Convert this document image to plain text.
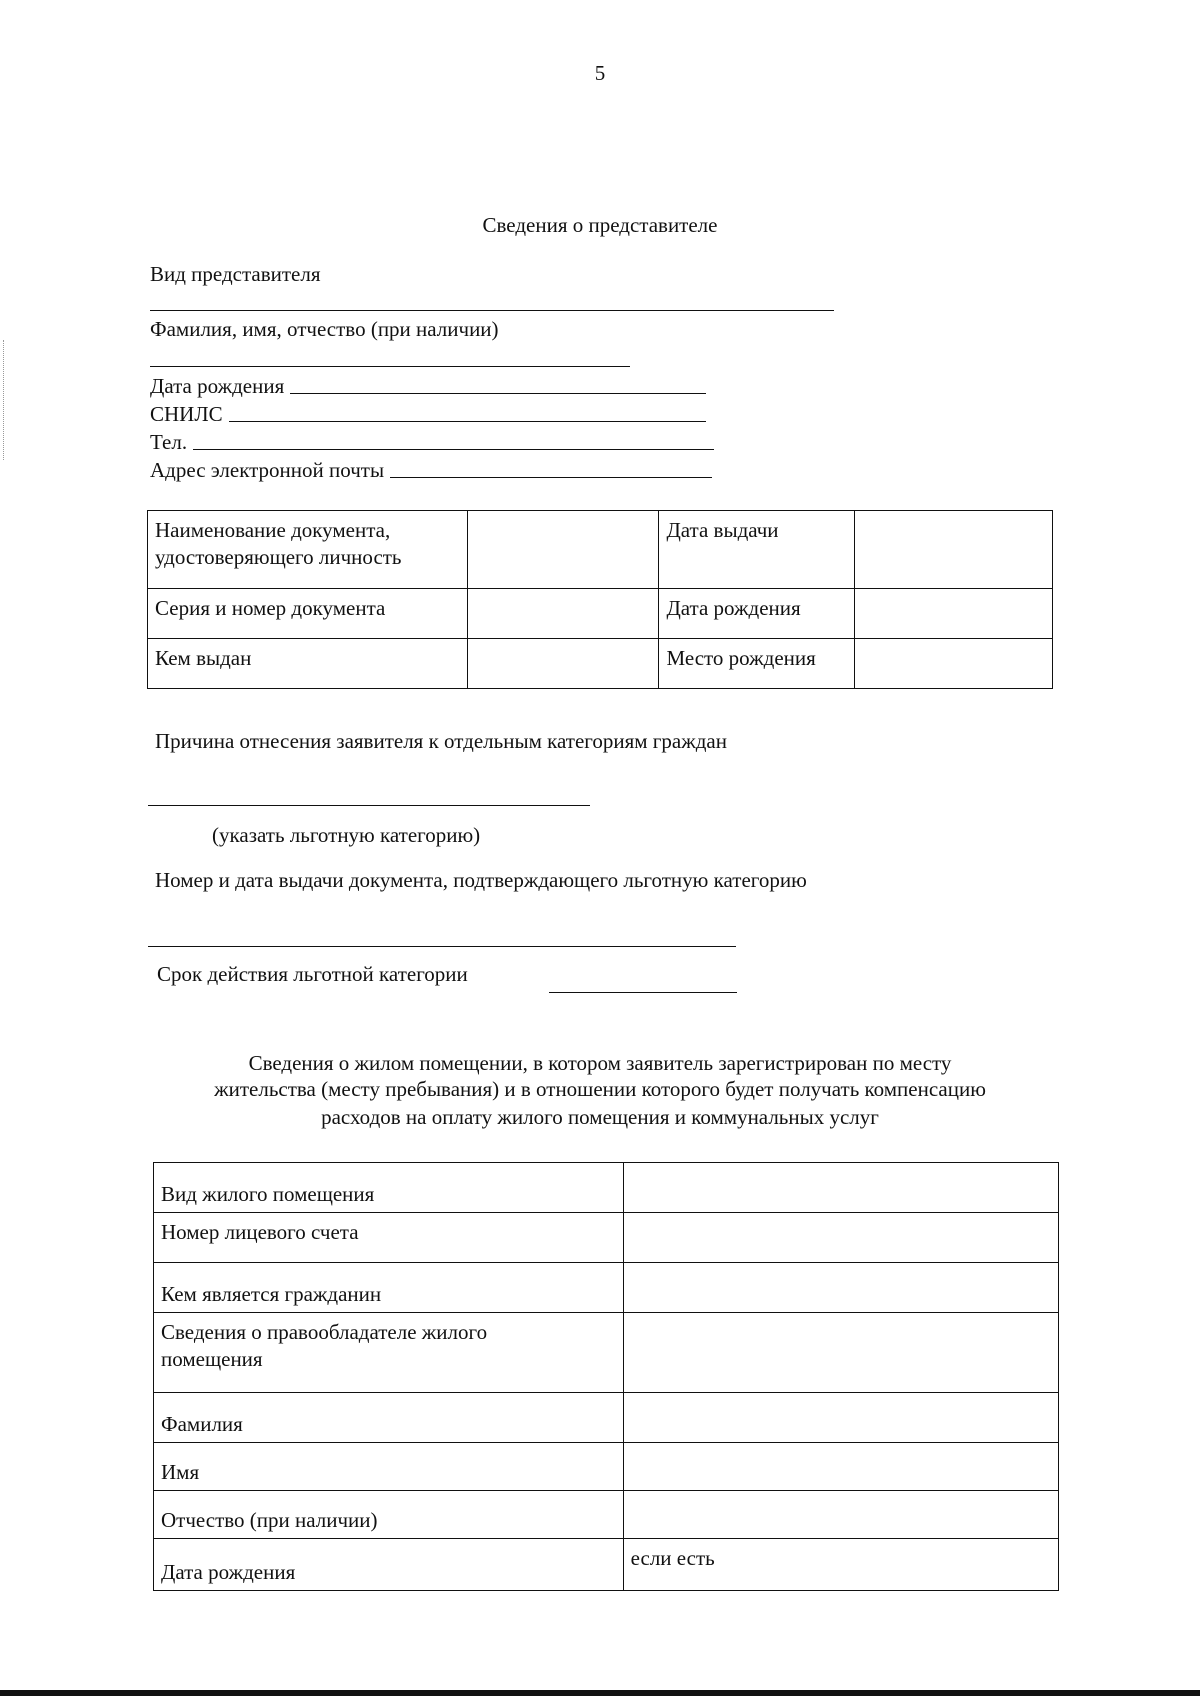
5
Сведения о представителе
Вид представителя
Фамилия, имя, отчество (при наличии)
Дата рождения
СНИЛС
Тел.
Адрес электронной почты
Наименование документа, удостоверяющего личность		Дата выдачи	
Серия и номер документа		Дата рождения	
Кем выдан		Место рождения	
Причина отнесения заявителя к отдельным категориям граждан
(указать льготную категорию)
Номер и дата выдачи документа, подтверждающего льготную категорию
Срок действия льготной категории
Сведения о жилом помещении, в котором заявитель зарегистрирован по месту
жительства (месту пребывания) и в отношении которого будет получать компенсацию
расходов на оплату жилого помещения и коммунальных услуг
Вид жилого помещения	
Номер лицевого счета	
Кем является гражданин	
Сведения о правообладателе жилого помещения	
Фамилия	
Имя	
Отчество (при наличии)	
Дата рождения	если есть
